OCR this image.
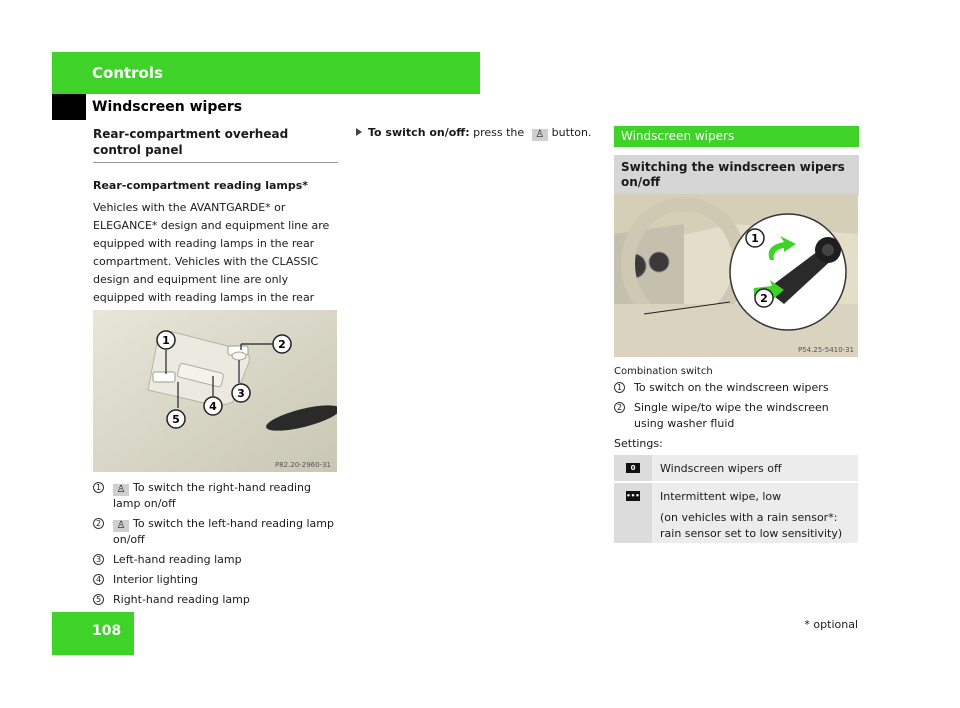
Controls
Windscreen wipers
Rear-compartment overhead control panel
Rear-compartment reading lamps*
Vehicles with the AVANTGARDE* or ELEGANCE* design and equipment line are equipped with reading lamps in the rear compartment. Vehicles with the CLASSIC design and equipment line are only equipped with reading lamps in the rear
1	2
3
4
5
P82.20-2960-31
1	♙ To switch the right-hand reading lamp on/off
2	♙ To switch the left-hand reading lamp on/off
3	Left-hand reading lamp
4	Interior lighting
5	Right-hand reading lamp
To switch on/off: press the ♙ button.	Windscreen wipers
Switching the windscreen wipers on/off
1
2
P54.25-5410-31
Combination switch
1	To switch on the windscreen wipers
2	Single wipe/to wipe the windscreen using washer fluid
Settings:
0	Windscreen wipers off
••• Intermittent wipe, low
(on vehicles with a rain sensor*: rain sensor set to low sensitivity)
108	* optional
